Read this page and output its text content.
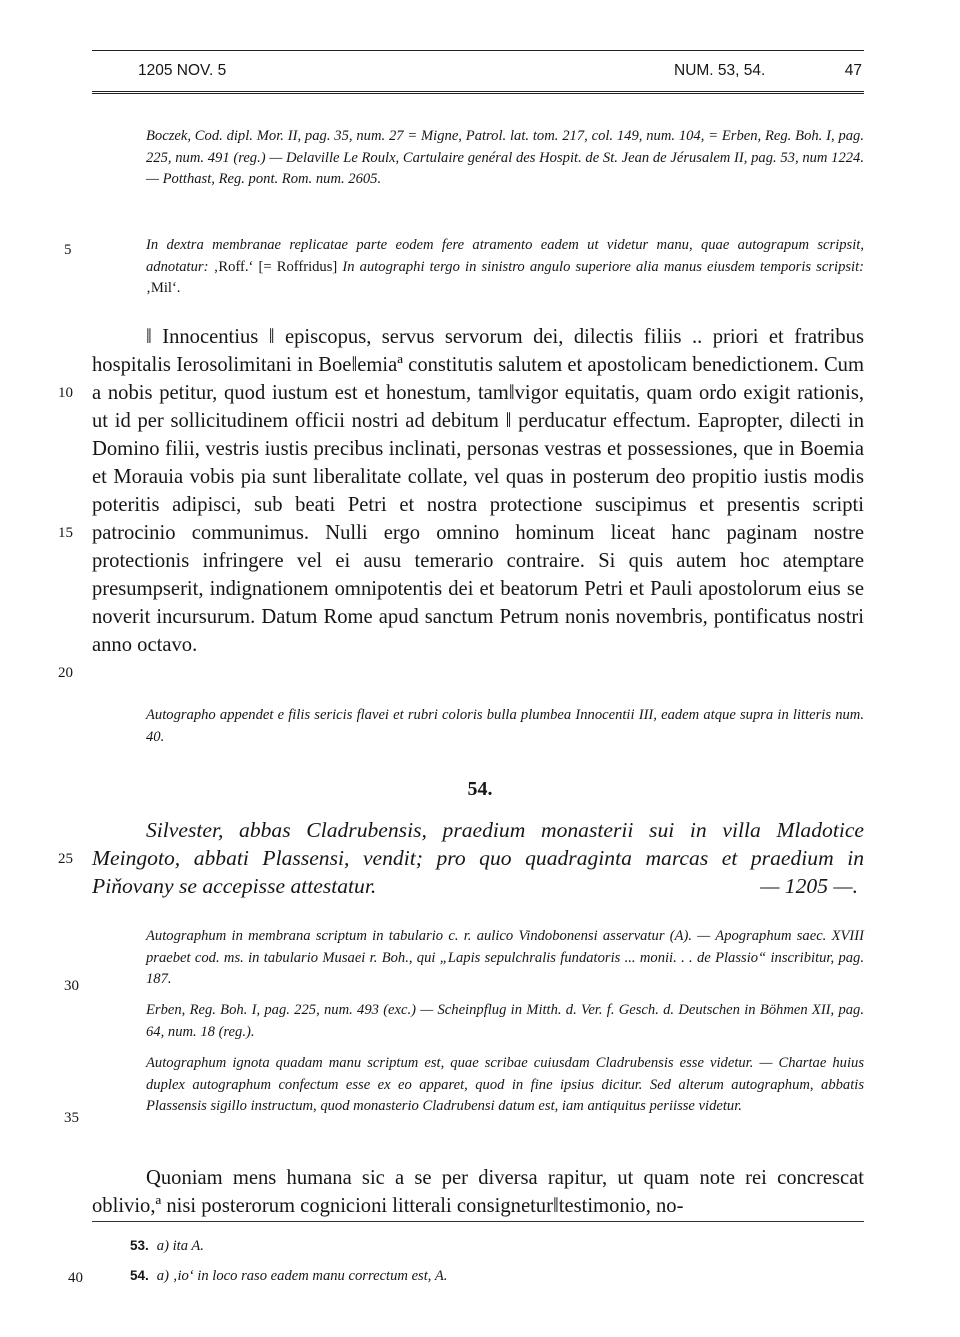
1205 NOV. 5	NUM. 53, 54.	47
5
10
15
20
25
30
35
40

Boczek, Cod. dipl. Mor. II, pag. 35, num. 27 = Migne, Patrol. lat. tom. 217, col. 149, num. 104, = Erben, Reg. Boh. I, pag. 225, num. 491 (reg.) — Delaville Le Roulx, Cartulaire genéral des Hospit. de St. Jean de Jérusalem II, pag. 53, num 1224. — Potthast, Reg. pont. Rom. num. 2605.

In dextra membranae replicatae parte eodem fere atramento eadem ut videtur manu, quae autograpum scripsit, adnotatur: ‚Roff.‘ [= Roffridus] In autographi tergo in sinistro angulo superiore alia manus eiusdem temporis scripsit: ‚Mil‘.

‖ Innocentius ‖ episcopus, servus servorum dei, dilectis filiis .. priori et fratribus hospitalis Ierosolimitani in Boe‖emiaª constitutis salutem et apostolicam benedictionem. Cum a nobis petitur, quod iustum est et honestum, tam‖vigor equitatis, quam ordo exigit rationis, ut id per sollicitudinem officii nostri ad debitum ‖ perducatur effectum. Eapropter, dilecti in Domino filii, vestris iustis precibus inclinati, personas vestras et possessiones, que in Boemia et Morauia vobis pia sunt liberalitate collate, vel quas in posterum deo propitio iustis modis poteritis adipisci, sub beati Petri et nostra protectione suscipimus et presentis scripti patrocinio communimus. Nulli ergo omnino hominum liceat hanc paginam nostre protectionis infringere vel ei ausu temerario contraire. Si quis autem hoc atemptare presumpserit, indignationem omnipotentis dei et beatorum Petri et Pauli apostolorum eius se noverit incursurum. Datum Rome apud sanctum Petrum nonis novembris, pontificatus nostri anno octavo.

Autographo appendet e filis sericis flavei et rubri coloris bulla plumbea Innocentii III, eadem atque supra in litteris num. 40.

54.

Silvester, abbas Cladrubensis, praedium monasterii sui in villa Mladotice Meingoto, abbati Plassensi, vendit; pro quo quadraginta marcas et praedium in Piňovany se accepisse attestatur.	— 1205 —.

Autographum in membrana scriptum in tabulario c. r. aulico Vindobonensi asservatur (A). — Apographum saec. XVIII praebet cod. ms. in tabulario Musaei r. Boh., qui „Lapis sepulchralis fundatoris ... monii. . . de Plassio“ inscribitur, pag. 187.

Erben, Reg. Boh. I, pag. 225, num. 493 (exc.) — Scheinpflug in Mitth. d. Ver. f. Gesch. d. Deutschen in Böhmen XII, pag. 64, num. 18 (reg.).

Autographum ignota quadam manu scriptum est, quae scribae cuiusdam Cladrubensis esse videtur. — Chartae huius duplex autographum confectum esse ex eo apparet, quod in fine ipsius dicitur. Sed alterum autographum, abbatis Plassensis sigillo instructum, quod monasterio Cladrubensi datum est, iam antiquitus periisse videtur.

Quoniam mens humana sic a se per diversa rapitur, ut quam note rei concrescat oblivio,ª nisi posterorum cognicioni litterali consignetur‖testimonio, no-

53. a) ita A.
54. a) ‚io‘ in loco raso eadem manu correctum est, A.
